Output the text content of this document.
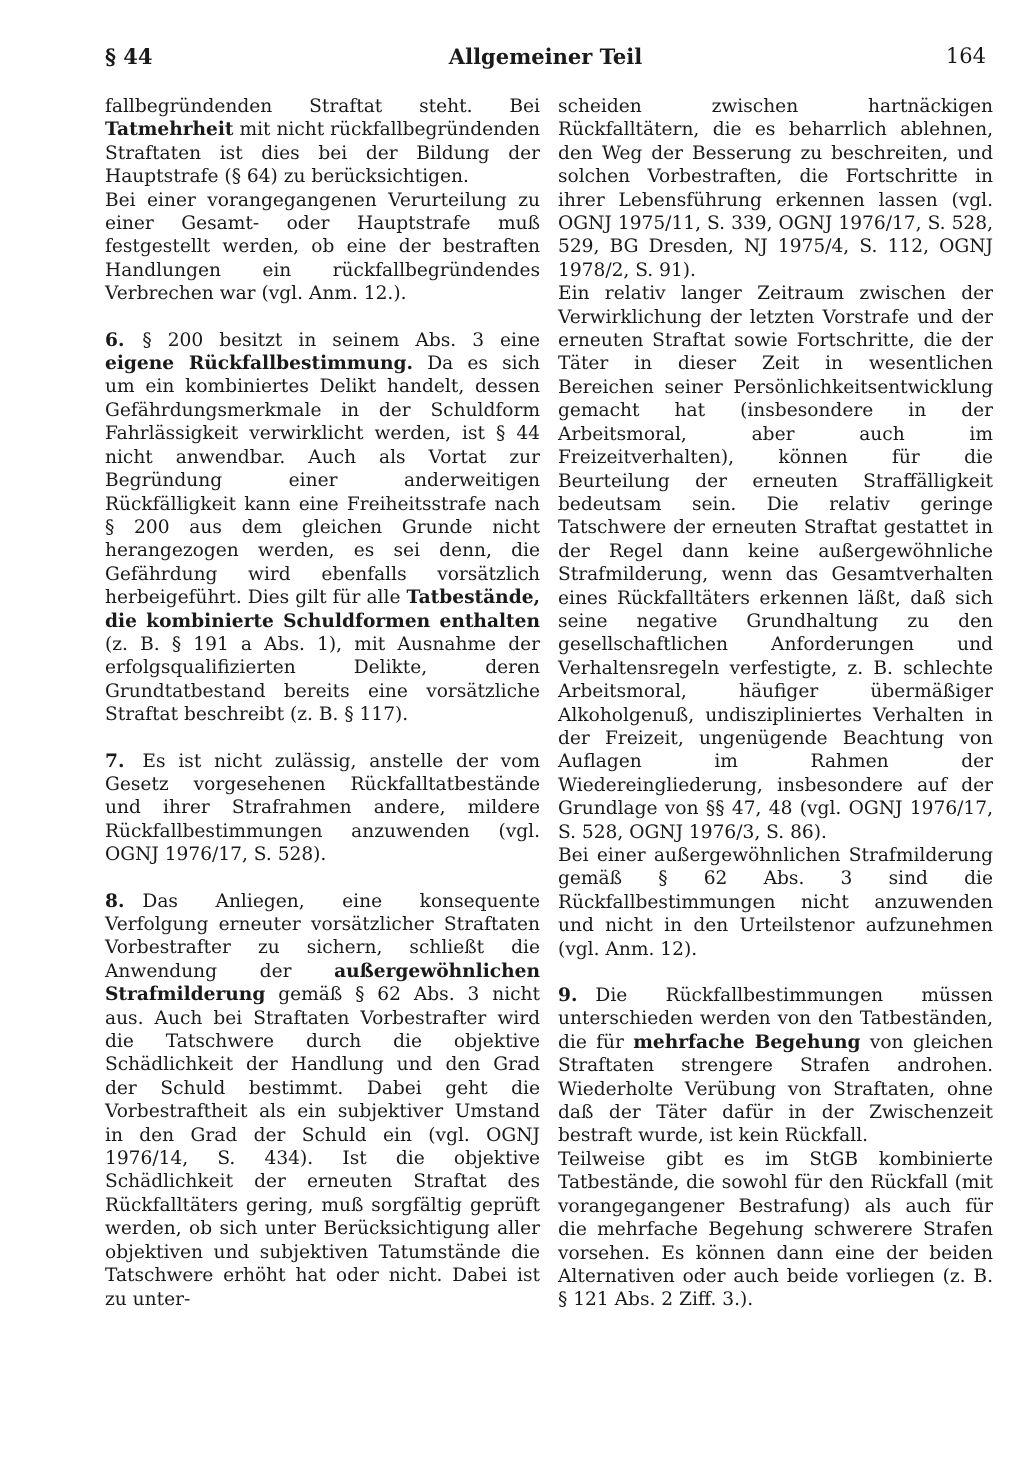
§ 44	Allgemeiner Teil	164

fallbegründenden Straftat steht. Bei Tatmehrheit mit nicht rückfallbegründenden Straftaten ist dies bei der Bildung der Hauptstrafe (§ 64) zu berücksichtigen.

Bei einer vorangegangenen Verurteilung zu einer Gesamt- oder Hauptstrafe muß festgestellt werden, ob eine der bestraften Handlungen ein rückfallbegründendes Verbrechen war (vgl. Anm. 12.).

6. § 200 besitzt in seinem Abs. 3 eine eigene Rückfallbestimmung. Da es sich um ein kombiniertes Delikt handelt, dessen Gefährdungsmerkmale in der Schuldform Fahrlässigkeit verwirklicht werden, ist § 44 nicht anwendbar. Auch als Vortat zur Begründung einer anderweitigen Rückfälligkeit kann eine Freiheitsstrafe nach § 200 aus dem gleichen Grunde nicht herangezogen werden, es sei denn, die Gefährdung wird ebenfalls vorsätzlich herbeigeführt. Dies gilt für alle Tatbestände, die kombinierte Schuldformen enthalten (z. B. § 191 a Abs. 1), mit Ausnahme der erfolgsqualifizierten Delikte, deren Grundtatbestand bereits eine vorsätzliche Straftat beschreibt (z. B. § 117).

7. Es ist nicht zulässig, anstelle der vom Gesetz vorgesehenen Rückfalltatbestände und ihrer Strafrahmen andere, mildere Rückfallbestimmungen anzuwenden (vgl. OGNJ 1976/17, S. 528).

8. Das Anliegen, eine konsequente Verfolgung erneuter vorsätzlicher Straftaten Vorbestrafter zu sichern, schließt die Anwendung der außergewöhnlichen Strafmilderung gemäß § 62 Abs. 3 nicht aus. Auch bei Straftaten Vorbestrafter wird die Tatschwere durch die objektive Schädlichkeit der Handlung und den Grad der Schuld bestimmt. Dabei geht die Vorbestraftheit als ein subjektiver Umstand in den Grad der Schuld ein (vgl. OGNJ 1976/14, S. 434). Ist die objektive Schädlichkeit der erneuten Straftat des Rückfalltäters gering, muß sorgfältig geprüft werden, ob sich unter Berücksichtigung aller objektiven und subjektiven Tatumstände die Tatschwere erhöht hat oder nicht. Dabei ist zu unter-

scheiden zwischen hartnäckigen Rückfalltätern, die es beharrlich ablehnen, den Weg der Besserung zu beschreiten, und solchen Vorbestraften, die Fortschritte in ihrer Lebensführung erkennen lassen (vgl. OGNJ 1975/11, S. 339, OGNJ 1976/17, S. 528, 529, BG Dresden, NJ 1975/4, S. 112, OGNJ 1978/2, S. 91).

Ein relativ langer Zeitraum zwischen der Verwirklichung der letzten Vorstrafe und der erneuten Straftat sowie Fortschritte, die der Täter in dieser Zeit in wesentlichen Bereichen seiner Persönlichkeitsentwicklung gemacht hat (insbesondere in der Arbeitsmoral, aber auch im Freizeitverhalten), können für die Beurteilung der erneuten Straffälligkeit bedeutsam sein. Die relativ geringe Tatschwere der erneuten Straftat gestattet in der Regel dann keine außergewöhnliche Strafmilderung, wenn das Gesamtverhalten eines Rückfalltäters erkennen läßt, daß sich seine negative Grundhaltung zu den gesellschaftlichen Anforderungen und Verhaltensregeln verfestigte, z. B. schlechte Arbeitsmoral, häufiger übermäßiger Alkoholgenuß, undiszipliniertes Verhalten in der Freizeit, ungenügende Beachtung von Auflagen im Rahmen der Wiedereingliederung, insbesondere auf der Grundlage von §§ 47, 48 (vgl. OGNJ 1976/17, S. 528, OGNJ 1976/3, S. 86).

Bei einer außergewöhnlichen Strafmilderung gemäß § 62 Abs. 3 sind die Rückfallbestimmungen nicht anzuwenden und nicht in den Urteilstenor aufzunehmen (vgl. Anm. 12).

9. Die Rückfallbestimmungen müssen unterschieden werden von den Tatbeständen, die für mehrfache Begehung von gleichen Straftaten strengere Strafen androhen. Wiederholte Verübung von Straftaten, ohne daß der Täter dafür in der Zwischenzeit bestraft wurde, ist kein Rückfall.

Teilweise gibt es im StGB kombinierte Tatbestände, die sowohl für den Rückfall (mit vorangegangener Bestrafung) als auch für die mehrfache Begehung schwerere Strafen vorsehen. Es können dann eine der beiden Alternativen oder auch beide vorliegen (z. B. § 121 Abs. 2 Ziff. 3.).
